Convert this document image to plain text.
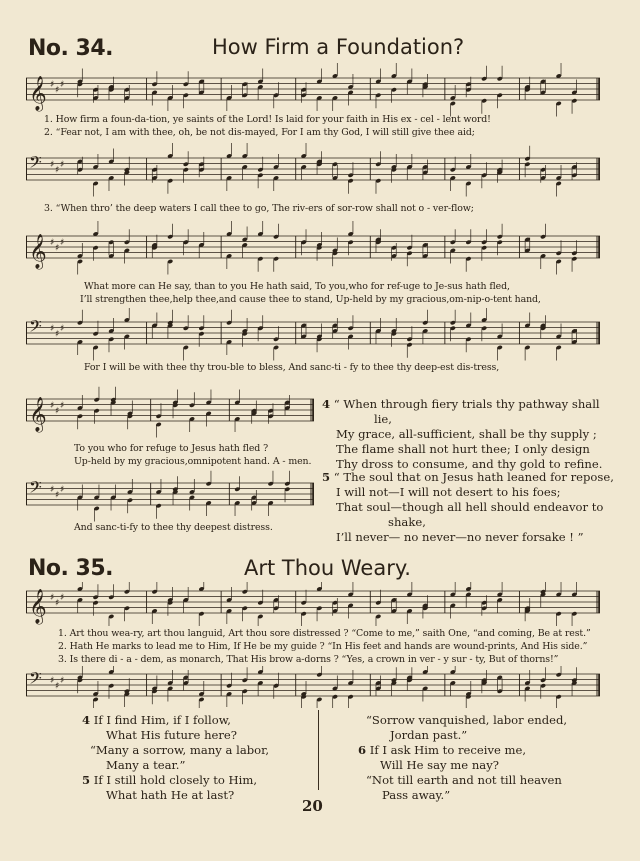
No. 34.	How Firm a Foundation?
𝄞 ♯
♯
♯
1. How firm a foun-da-tion, ye saints of the Lord! Is laid for your faith in His ex - cel - lent word!
2. “Fear not, I am with thee, oh, be not dis-mayed, For I am thy God, I will still give thee aid;
𝄢 ♯
♯
♯
3. “When thro’ the deep waters I call thee to go, The riv-ers of sor-row shall not o - ver-flow;
𝄞 ♯
♯
♯
What more can He say, than to you He hath said, To you,who for ref-uge to Je-sus hath fled,
I’ll strengthen thee,help thee,and cause thee to stand, Up-held by my gracious,om-nip-o-tent hand,
𝄢 ♯
♯
♯
For I will be with thee thy trou-ble to bless, And sanc-ti - fy to thee thy deep-est dis-tress,
𝄞 ♯
♯
♯
To you who for refuge to Jesus hath fled ?
Up-held by my gracious,omnipotent hand. A - men.
𝄢 ♯
♯
♯
And sanc-ti-fy to thee thy deepest distress.
4 “ When through fiery trials thy pathway shall
lie,
My grace, all-sufficient, shall be thy supply ;
The flame shall not hurt thee; I only design
Thy dross to consume, and thy gold to refine.
5 “ The soul that on Jesus hath leaned for repose,
I will not—I will not desert to his foes;
That soul—though all hell should endeavor to
shake,
I’ll never— no never—no never forsake ! ”
No. 35.	Art Thou Weary.
𝄞 ♯
♯
♯
1. Art thou wea-ry, art thou languid, Art thou sore distressed ? “Come to me,” saith One, “and coming, Be at rest.”
2. Hath He marks to lead me to Him, If He be my guide ? “In His feet and hands are wound-prints, And His side.”
3. Is there di - a - dem, as monarch, That His brow a-dorns ? “Yes, a crown in ver - y sur - ty, But of thorns!”
𝄢 ♯
♯
♯
4 If I find Him, if I follow,
What His future here?
“Many a sorrow, many a labor,
Many a tear.”
5 If I still hold closely to Him,
What hath He at last?
“Sorrow vanquished, labor ended,
Jordan past.”
6 If I ask Him to receive me,
Will He say me nay?
“Not till earth and not till heaven
Pass away.”
20
